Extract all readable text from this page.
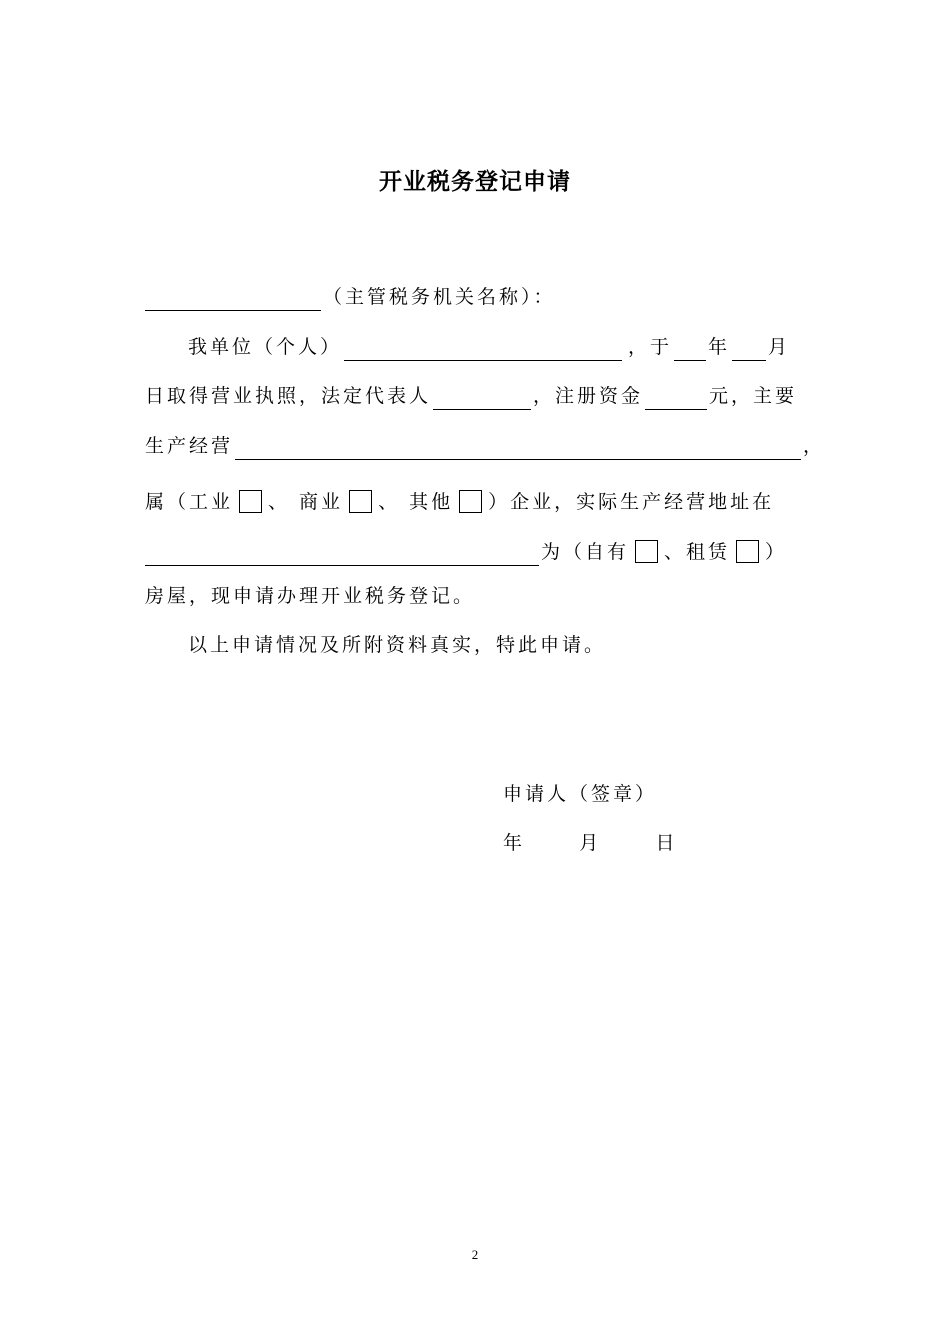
开业税务登记申请
（主管税务机关名称）：
我单位（个人）	，于 年 月
日取得营业执照，法定代表人	，注册资金	元，主要
生产经营	，
属（工业 、 商业 、 其他 ）企业，实际生产经营地址在
为（自有 、租赁 ）
房屋，现申请办理开业税务登记。
以上申请情况及所附资料真实，特此申请。
申请人（签章）
年      月      日
2
